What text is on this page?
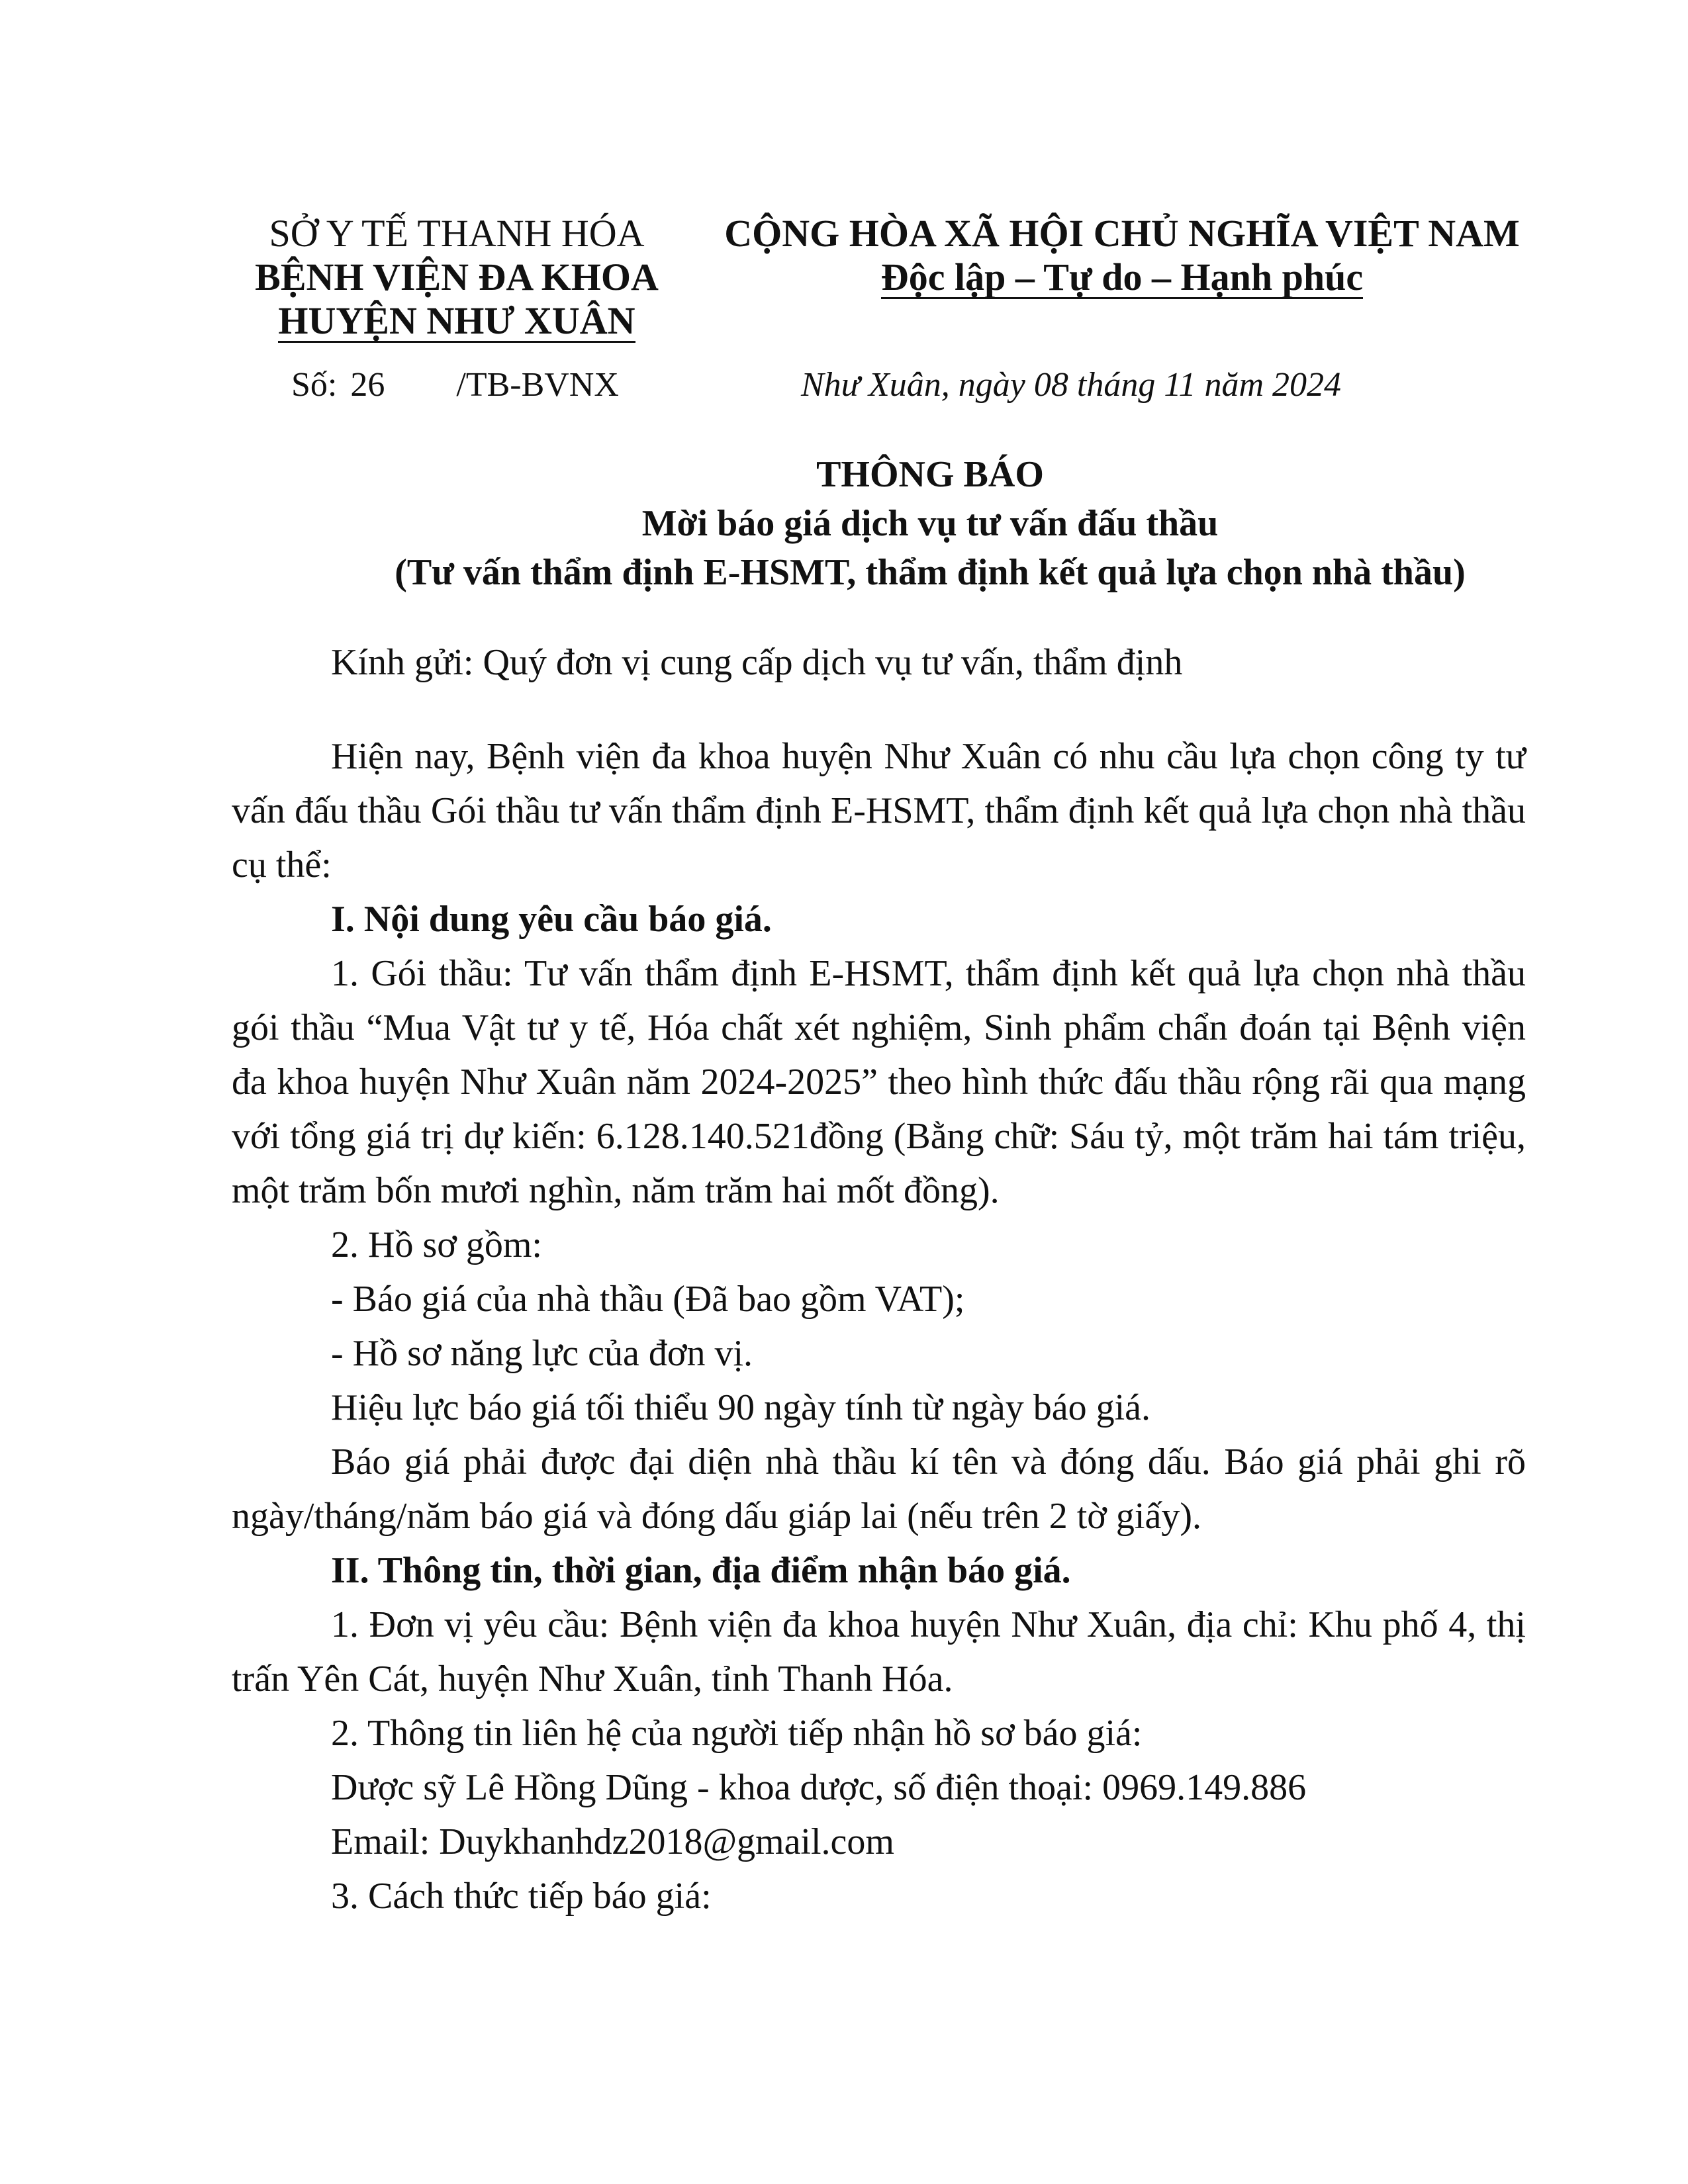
SỞ Y TẾ THANH HÓA
BỆNH VIỆN ĐA KHOA
HUYỆN NHƯ XUÂN
CỘNG HÒA XÃ HỘI CHỦ NGHĨA VIỆT NAM
Độc lập – Tự do – Hạnh phúc
Số: 26 /TB-BVNX	Như Xuân, ngày 08 tháng 11 năm 2024
THÔNG BÁO
Mời báo giá dịch vụ tư vấn đấu thầu
(Tư vấn thẩm định E-HSMT, thẩm định kết quả lựa chọn nhà thầu)

Kính gửi: Quý đơn vị cung cấp dịch vụ tư vấn, thẩm định

Hiện nay, Bệnh viện đa khoa huyện Như Xuân có nhu cầu lựa chọn công ty tư vấn đấu thầu Gói thầu tư vấn thẩm định E-HSMT, thẩm định kết quả lựa chọn nhà thầu cụ thể:

I. Nội dung yêu cầu báo giá.

1. Gói thầu: Tư vấn thẩm định E-HSMT, thẩm định kết quả lựa chọn nhà thầu gói thầu “Mua Vật tư y tế, Hóa chất xét nghiệm, Sinh phẩm chẩn đoán tại Bệnh viện đa khoa huyện Như Xuân năm 2024-2025” theo hình thức đấu thầu rộng rãi qua mạng với tổng giá trị dự kiến: 6.128.140.521đồng (Bằng chữ: Sáu tỷ, một trăm hai tám triệu, một trăm bốn mươi nghìn, năm trăm hai mốt đồng).

2. Hồ sơ gồm:

- Báo giá của nhà thầu (Đã bao gồm VAT);

- Hồ sơ năng lực của đơn vị.

Hiệu lực báo giá tối thiểu 90 ngày tính từ ngày báo giá.

Báo giá phải được đại diện nhà thầu kí tên và đóng dấu. Báo giá phải ghi rõ ngày/tháng/năm báo giá và đóng dấu giáp lai (nếu trên 2 tờ giấy).

II. Thông tin, thời gian, địa điểm nhận báo giá.

1. Đơn vị yêu cầu: Bệnh viện đa khoa huyện Như Xuân, địa chỉ: Khu phố 4, thị trấn Yên Cát, huyện Như Xuân, tỉnh Thanh Hóa.

2. Thông tin liên hệ của người tiếp nhận hồ sơ báo giá:

Dược sỹ Lê Hồng Dũng - khoa dược, số điện thoại: 0969.149.886

Email: Duykhanhdz2018@gmail.com

3. Cách thức tiếp báo giá:
